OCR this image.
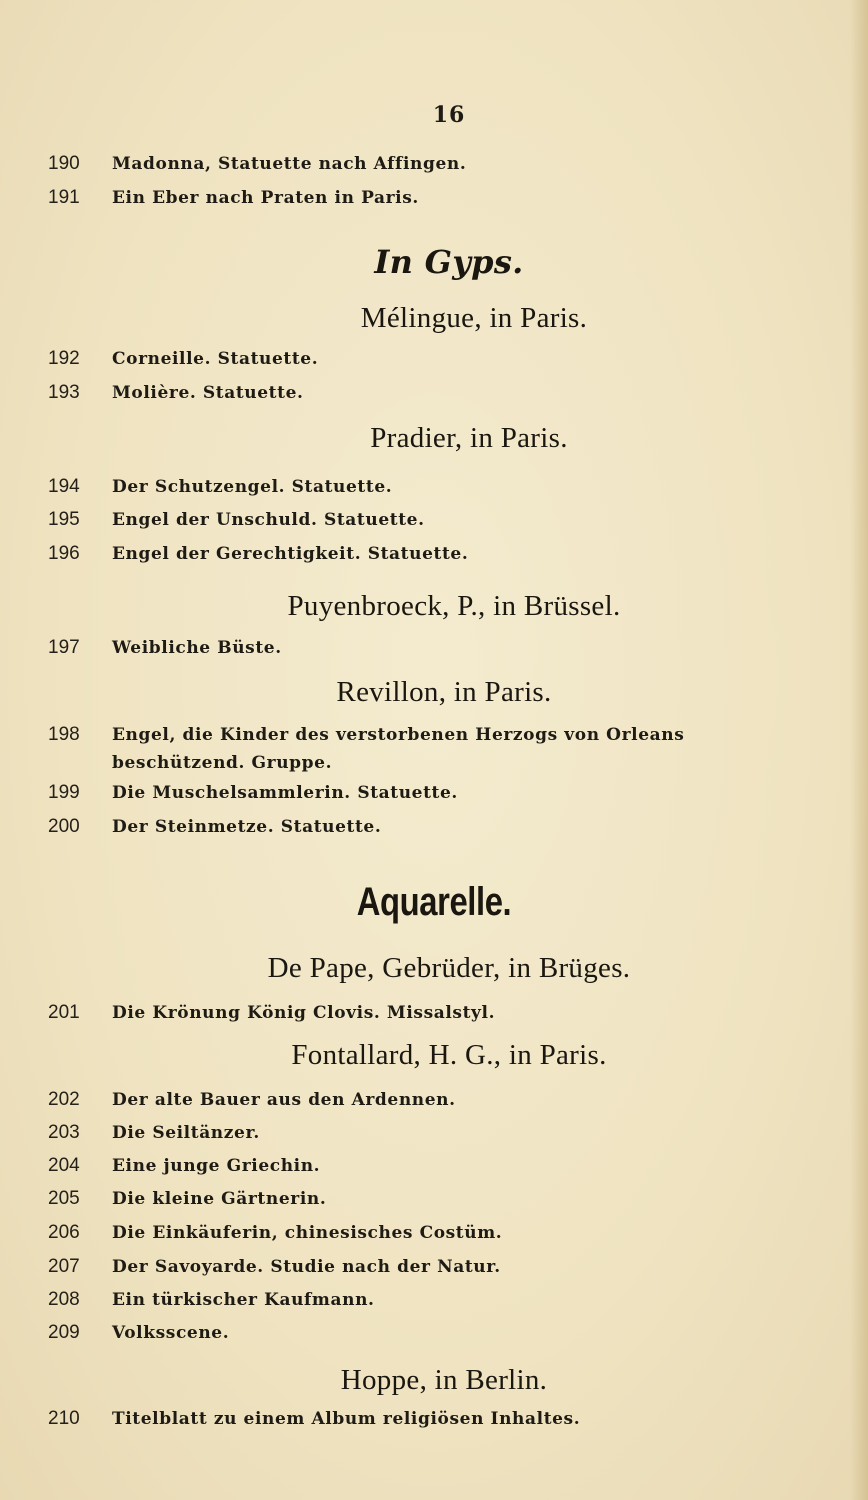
16
190	Madonna, Statuette nach Affingen.
191	Ein Eber nach Praten in Paris.
In Gyps.
Mélingue, in Paris.
192	Corneille. Statuette.
193	Molière. Statuette.
Pradier, in Paris.
194	Der Schutzengel. Statuette.
195	Engel der Unschuld. Statuette.
196	Engel der Gerechtigkeit. Statuette.
Puyenbroeck, P., in Brüssel.
197	Weibliche Büste.
Revillon, in Paris.
198	Engel, die Kinder des verstorbenen Herzogs von Orleans beschützend. Gruppe.
199	Die Muschelsammlerin. Statuette.
200	Der Steinmetze. Statuette.
Aquarelle.
De Pape, Gebrüder, in Brüges.
201	Die Krönung König Clovis. Missalstyl.
Fontallard, H. G., in Paris.
202	Der alte Bauer aus den Ardennen.
203	Die Seiltänzer.
204	Eine junge Griechin.
205	Die kleine Gärtnerin.
206	Die Einkäuferin, chinesisches Costüm.
207	Der Savoyarde. Studie nach der Natur.
208	Ein türkischer Kaufmann.
209	Volksscene.
Hoppe, in Berlin.
210	Titelblatt zu einem Album religiösen Inhaltes.
